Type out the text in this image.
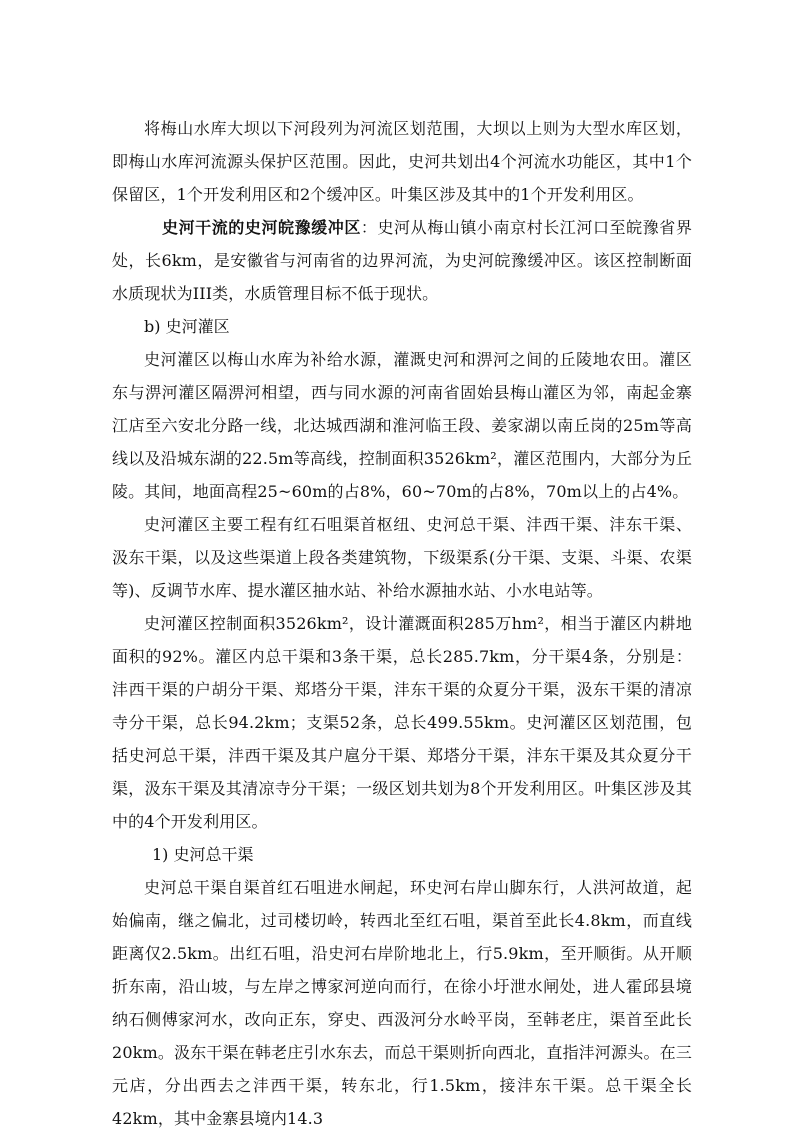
将梅山水库大坝以下河段列为河流区划范围，大坝以上则为大型水库区划，即梅山水库河流源头保护区范围。因此，史河共划出4个河流水功能区，其中1个保留区，1个开发利用区和2个缓冲区。叶集区涉及其中的1个开发利用区。

史河干流的史河皖豫缓冲区：史河从梅山镇小南京村长江河口至皖豫省界处，长6km，是安徽省与河南省的边界河流，为史河皖豫缓冲区。该区控制断面水质现状为III类，水质管理目标不低于现状。

b) 史河灌区

史河灌区以梅山水库为补给水源，灌溉史河和淠河之间的丘陵地农田。灌区东与淠河灌区隔淠河相望，西与同水源的河南省固始县梅山灌区为邻，南起金寨江店至六安北分路一线，北达城西湖和淮河临王段、姜家湖以南丘岗的25m等高线以及沿城东湖的22.5m等高线，控制面积3526km²，灌区范围内，大部分为丘陵。其间，地面高程25~60m的占8%，60~70m的占8%，70m以上的占4%。

史河灌区主要工程有红石咀渠首枢纽、史河总干渠、沣西干渠、沣东干渠、汲东干渠，以及这些渠道上段各类建筑物，下级渠系(分干渠、支渠、斗渠、农渠等)、反调节水库、提水灌区抽水站、补给水源抽水站、小水电站等。

史河灌区控制面积3526km²，设计灌溉面积285万hm²，相当于灌区内耕地面积的92%。灌区内总干渠和3条干渠，总长285.7km，分干渠4条，分别是：沣西干渠的户胡分干渠、郑塔分干渠，沣东干渠的众夏分干渠，汲东干渠的清凉寺分干渠，总长94.2km；支渠52条，总长499.55km。史河灌区区划范围，包括史河总干渠，沣西干渠及其户扈分干渠、郑塔分干渠，沣东干渠及其众夏分干渠，汲东干渠及其清凉寺分干渠；一级区划共划为8个开发利用区。叶集区涉及其中的4个开发利用区。

1) 史河总干渠

史河总干渠自渠首红石咀进水闸起，环史河右岸山脚东行，人洪河故道，起始偏南，继之偏北，过司楼切岭，转西北至红石咀，渠首至此长4.8km，而直线距离仅2.5km。出红石咀，沿史河右岸阶地北上，行5.9km，至开顺街。从开顺折东南，沿山坡，与左岸之博家河逆向而行，在徐小圩泄水闸处，进人霍邱县境纳石侧傅家河水，改向正东，穿史、西汲河分水岭平岗，至韩老庄，渠首至此长20km。汲东干渠在韩老庄引水东去，而总干渠则折向西北，直指沣河源头。在三元店，分出西去之沣西干渠，转东北，行1.5km，接沣东干渠。总干渠全长42km，其中金寨县境内14.3
